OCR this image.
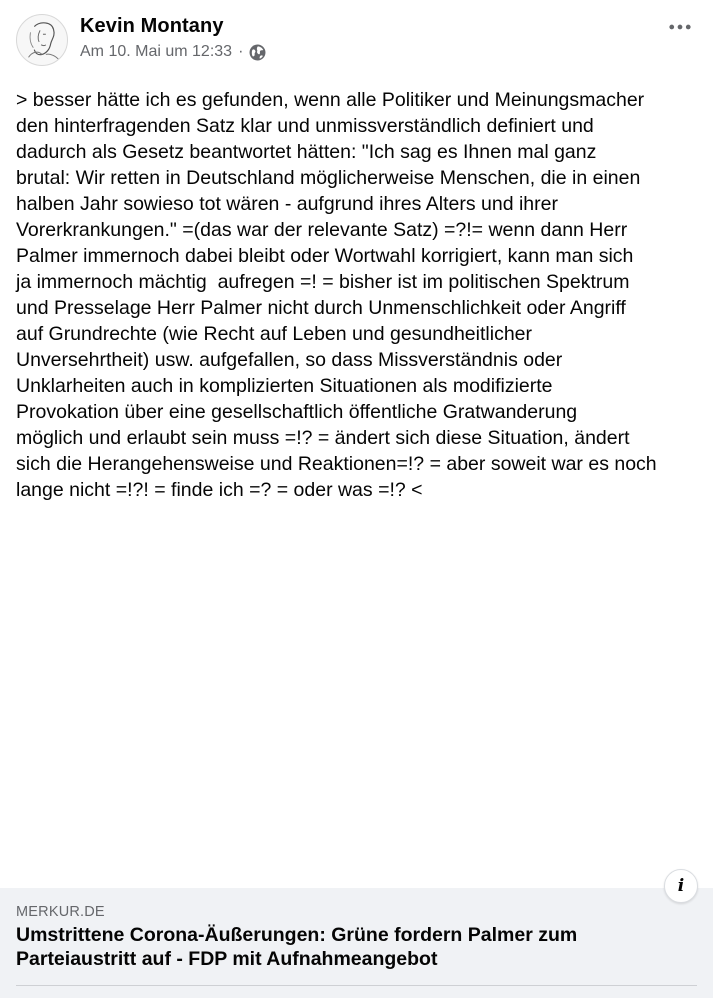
Kevin Montany
Am 10. Mai um 12:33 ·
> besser hätte ich es gefunden, wenn alle Politiker und Meinungsmacher
den hinterfragenden Satz klar und unmissverständlich definiert und
dadurch als Gesetz beantwortet hätten: "Ich sag es Ihnen mal ganz
brutal: Wir retten in Deutschland möglicherweise Menschen, die in einen
halben Jahr sowieso tot wären - aufgrund ihres Alters und ihrer
Vorerkrankungen." =(das war der relevante Satz) =?!= wenn dann Herr
Palmer immernoch dabei bleibt oder Wortwahl korrigiert, kann man sich
ja immernoch mächtig  aufregen =! = bisher ist im politischen Spektrum
und Presselage Herr Palmer nicht durch Unmenschlichkeit oder Angriff
auf Grundrechte (wie Recht auf Leben und gesundheitlicher
Unversehrtheit) usw. aufgefallen, so dass Missverständnis oder
Unklarheiten auch in komplizierten Situationen als modifizierte
Provokation über eine gesellschaftlich öffentliche Gratwanderung
möglich und erlaubt sein muss =!? = ändert sich diese Situation, ändert
sich die Herangehensweise und Reaktionen=!? = aber soweit war es noch
lange nicht =!?! = finde ich =? = oder was =!? <
i
MERKUR.DE
Umstrittene Corona-Äußerungen: Grüne fordern Palmer zum Parteiaustritt auf - FDP mit Aufnahmeangebot
